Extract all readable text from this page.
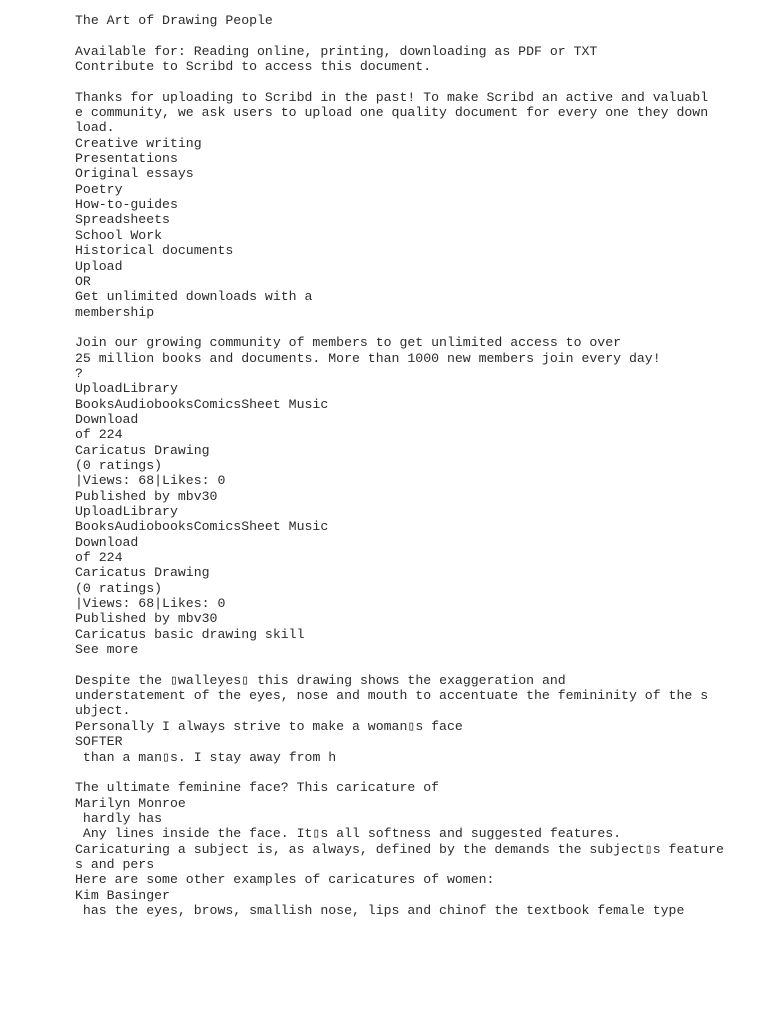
The Art of Drawing People
Available for: Reading online, printing, downloading as PDF or TXT
Contribute to Scribd to access this document.
Thanks for uploading to Scribd in the past! To make Scribd an active and valuabl
e community, we ask users to upload one quality document for every one they down
load.
Creative writing
Presentations
Original essays
Poetry
How-to-guides
Spreadsheets
School Work
Historical documents
Upload
OR
Get unlimited downloads with a
membership
Join our growing community of members to get unlimited access to over
25 million books and documents. More than 1000 new members join every day!
?
UploadLibrary
BooksAudiobooksComicsSheet Music
Download
of 224
Caricatus Drawing
(0 ratings)
|Views: 68|Likes: 0
Published by mbv30
UploadLibrary
BooksAudiobooksComicsSheet Music
Download
of 224
Caricatus Drawing
(0 ratings)
|Views: 68|Likes: 0
Published by mbv30
Caricatus basic drawing skill
See more
Despite the ▯walleyes▯ this drawing shows the exaggeration and
understatement of the eyes, nose and mouth to accentuate the femininity of the s
ubject.
Personally I always strive to make a woman▯s face
SOFTER
than a man▯s. I stay away from h
The ultimate feminine face? This caricature of
Marilyn Monroe
hardly has
Any lines inside the face. It▯s all softness and suggested features.
Caricaturing a subject is, as always, defined by the demands the subject▯s feature
s and pers
Here are some other examples of caricatures of women:
Kim Basinger
has the eyes, brows, smallish nose, lips and chinof the textbook female type
